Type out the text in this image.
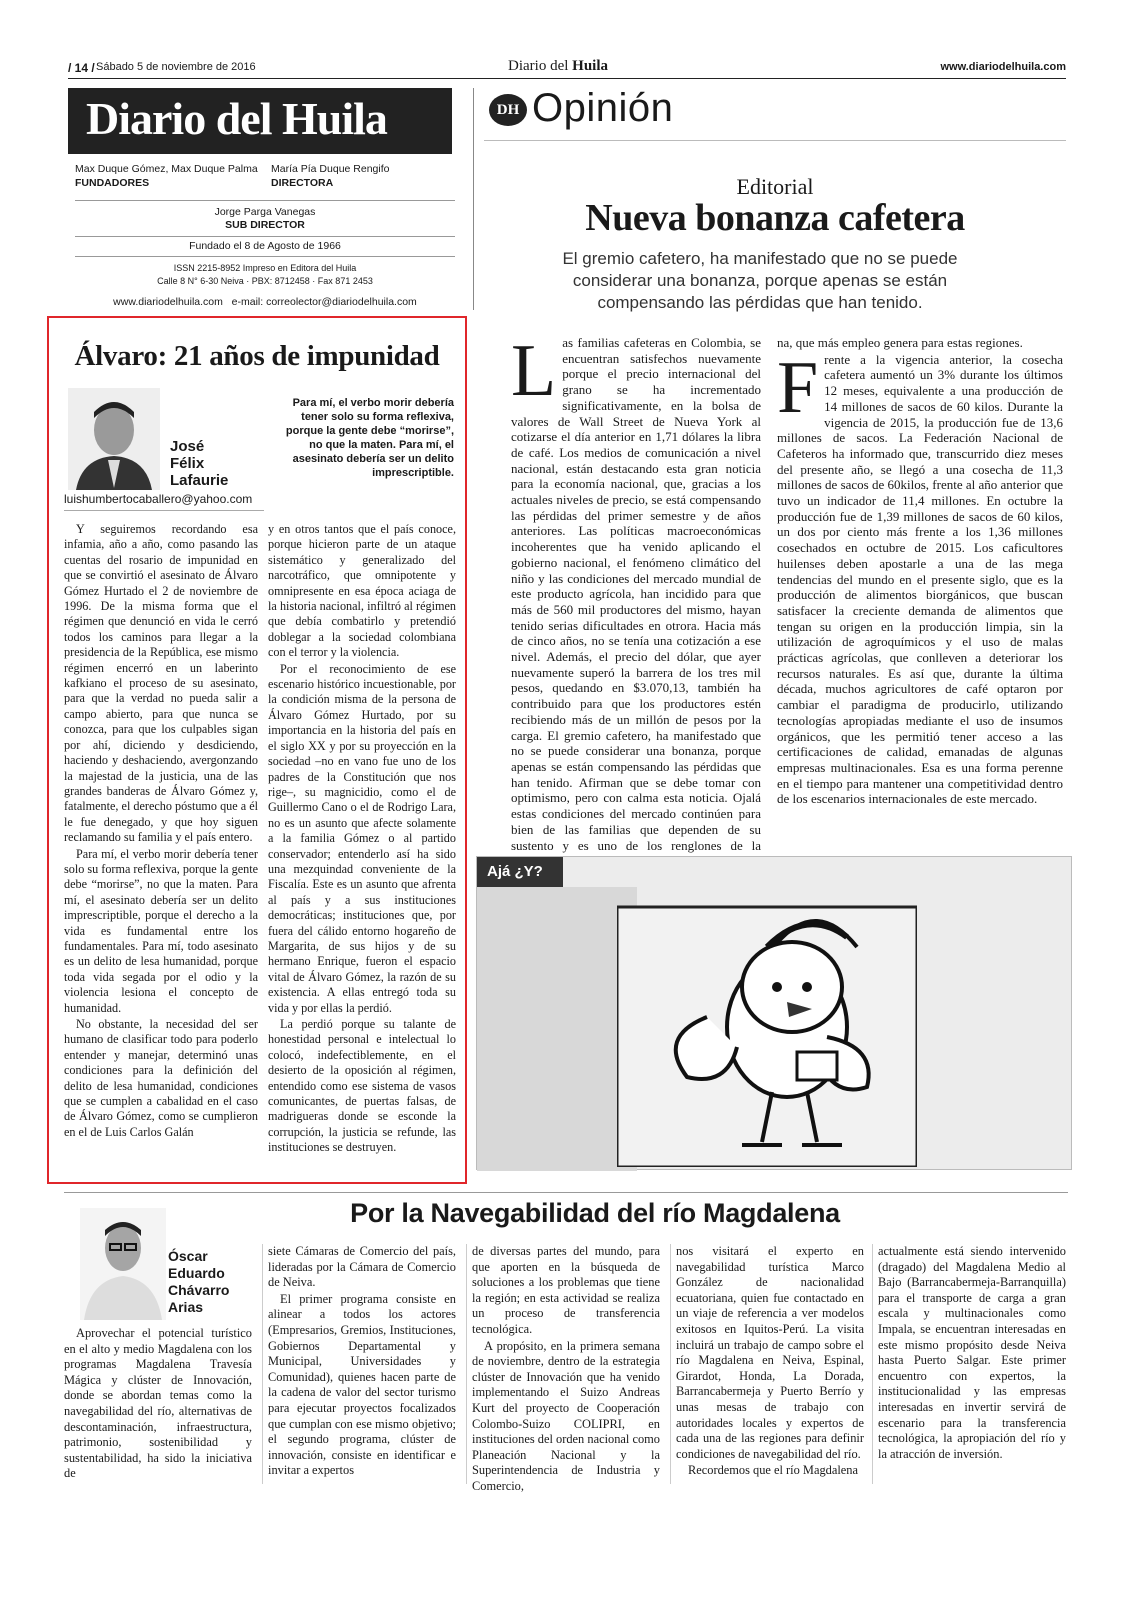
/ 14 / Sábado 5 de noviembre de 2016	Diario del Huila	www.diariodelhuila.com
Diario del Huila
Max Duque Gómez, Max Duque Palma
FUNDADORES
María Pía Duque Rengifo
DIRECTORA
Jorge Parga Vanegas
SUB DIRECTOR
Fundado el 8 de Agosto de 1966
ISSN 2215-8952 Impreso en Editora del Huila
Calle 8 N° 6-30 Neiva · PBX: 8712458 · Fax 871 2453
www.diariodelhuila.com e-mail: correolector@diariodelhuila.com
DH Opinión
Editorial
Nueva bonanza cafetera
El gremio cafetero, ha manifestado que no se puede considerar una bonanza, porque apenas se están compensando las pérdidas que han tenido.

Las familias cafeteras en Colombia, se encuentran satisfechos nuevamente porque el precio internacional del grano se ha incrementado significativamente, en la bolsa de valores de Wall Street de Nueva York al cotizarse el día anterior en 1,71 dólares la libra de café. Los medios de comunicación a nivel nacional, están destacando esta gran noticia para la economía nacional, que, gracias a los actuales niveles de precio, se está compensando las pérdidas del primer semestre y de años anteriores. Las políticas macroeconómicas incoherentes que ha venido aplicando el gobierno nacional, el fenómeno climático del niño y las condiciones del mercado mundial de este producto agrícola, han incidido para que más de 560 mil productores del mismo, hayan tenido serias dificultades en otrora. Hacia más de cinco años, no se tenía una cotización a ese nivel. Además, el precio del dólar, que ayer nuevamente superó la barrera de los tres mil pesos, quedando en $3.070,13, también ha contribuido para que los productores estén recibiendo más de un millón de pesos por la carga. El gremio cafetero, ha manifestado que no se puede considerar una bonanza, porque apenas se están compensando las pérdidas que han tenido. Afirman que se debe tomar con optimismo, pero con calma esta noticia. Ojalá estas condiciones del mercado continúen para bien de las familias que dependen de su sustento y es uno de los renglones de la

na, que más empleo genera para estas regiones.

Frente a la vigencia anterior, la cosecha cafetera aumentó un 3% durante los últimos 12 meses, equivalente a una producción de 14 millones de sacos de 60 kilos. Durante la vigencia de 2015, la producción fue de 13,6 millones de sacos. La Federación Nacional de Cafeteros ha informado que, transcurrido diez meses del presente año, se llegó a una cosecha de 11,3 millones de sacos de 60kilos, frente al año anterior que tuvo un indicador de 11,4 millones. En octubre la producción fue de 1,39 millones de sacos de 60 kilos, un dos por ciento más frente a los 1,36 millones cosechados en octubre de 2015. Los caficultores huilenses deben apostarle a una de las mega tendencias del mundo en el presente siglo, que es la producción de alimentos biorgánicos, que buscan satisfacer la creciente demanda de alimentos que tengan su origen en la producción limpia, sin la utilización de agroquímicos y el uso de malas prácticas agrícolas, que conlleven a deteriorar los recursos naturales. Es así que, durante la última década, muchos agricultores de café optaron por cambiar el paradigma de producirlo, utilizando tecnologías apropiadas mediante el uso de insumos orgánicos, que les permitió tener acceso a las certificaciones de calidad, emanadas de algunas empresas multinacionales. Esa es una forma perenne en el tiempo para mantener una competitividad dentro de los escenarios internacionales de este mercado.

Ajá ¿Y?
Álvaro: 21 años de impunidad
José
Félix
Lafaurie
luishumbertocaballero@yahoo.com
Para mí, el verbo morir debería tener solo su forma reflexiva, porque la gente debe “morirse”, no que la maten. Para mí, el asesinato debería ser un delito imprescriptible.

Y seguiremos recordando esa infamia, año a año, como pasando las cuentas del rosario de impunidad en que se convirtió el asesinato de Álvaro Gómez Hurtado el 2 de noviembre de 1996. De la misma forma que el régimen que denunció en vida le cerró todos los caminos para llegar a la presidencia de la República, ese mismo régimen encerró en un laberinto kafkiano el proceso de su asesinato, para que la verdad no pueda salir a campo abierto, para que nunca se conozca, para que los culpables sigan por ahí, diciendo y desdiciendo, haciendo y deshaciendo, avergonzando la majestad de la justicia, una de las grandes banderas de Álvaro Gómez y, fatalmente, el derecho póstumo que a él le fue denegado, y que hoy siguen reclamando su familia y el país entero.

Para mí, el verbo morir debería tener solo su forma reflexiva, porque la gente debe “morirse”, no que la maten. Para mí, el asesinato debería ser un delito imprescriptible, porque el derecho a la vida es fundamental entre los fundamentales. Para mí, todo asesinato es un delito de lesa humanidad, porque toda vida segada por el odio y la violencia lesiona el concepto de humanidad.

No obstante, la necesidad del ser humano de clasificar todo para poderlo entender y manejar, determinó unas condiciones para la definición del delito de lesa humanidad, condiciones que se cumplen a cabalidad en el caso de Álvaro Gómez, como se cumplieron en el de Luis Carlos Galán

y en otros tantos que el país conoce, porque hicieron parte de un ataque sistemático y generalizado del narcotráfico, que omnipotente y omnipresente en esa época aciaga de la historia nacional, infiltró al régimen que debía combatirlo y pretendió doblegar a la sociedad colombiana con el terror y la violencia.

Por el reconocimiento de ese escenario histórico incuestionable, por la condición misma de la persona de Álvaro Gómez Hurtado, por su importancia en la historia del país en el siglo XX y por su proyección en la sociedad –no en vano fue uno de los padres de la Constitución que nos rige–, su magnicidio, como el de Guillermo Cano o el de Rodrigo Lara, no es un asunto que afecte solamente a la familia Gómez o al partido conservador; entenderlo así ha sido una mezquindad conveniente de la Fiscalía. Este es un asunto que afrenta al país y a sus instituciones democráticas; instituciones que, por fuera del cálido entorno hogareño de Margarita, de sus hijos y de su hermano Enrique, fueron el espacio vital de Álvaro Gómez, la razón de su existencia. A ellas entregó toda su vida y por ellas la perdió.

La perdió porque su talante de honestidad personal e intelectual lo colocó, indefectiblemente, en el desierto de la oposición al régimen, entendido como ese sistema de vasos comunicantes, de puertas falsas, de madrigueras donde se esconde la corrupción, la justicia se refunde, las instituciones se destruyen.

Por la Navegabilidad del río Magdalena
Óscar
Eduardo
Chávarro
Arias

Aprovechar el potencial turístico en el alto y medio Magdalena con los programas Magdalena Travesía Mágica y clúster de Innovación, donde se abordan temas como la navegabilidad del río, alternativas de descontaminación, infraestructura, patrimonio, sostenibilidad y sustentabilidad, ha sido la iniciativa de

siete Cámaras de Comercio del país, lideradas por la Cámara de Comercio de Neiva.

El primer programa consiste en alinear a todos los actores (Empresarios, Gremios, Instituciones, Gobiernos Departamental y Municipal, Universidades y Comunidad), quienes hacen parte de la cadena de valor del sector turismo para ejecutar proyectos focalizados que cumplan con ese mismo objetivo; el segundo programa, clúster de innovación, consiste en identificar e invitar a expertos

de diversas partes del mundo, para que aporten en la búsqueda de soluciones a los problemas que tiene la región; en esta actividad se realiza un proceso de transferencia tecnológica.

A propósito, en la primera semana de noviembre, dentro de la estrategia clúster de Innovación que ha venido implementando el Suizo Andreas Kurt del proyecto de Cooperación Colombo-Suizo COLIPRI, en instituciones del orden nacional como Planeación Nacional y la Superintendencia de Industria y Comercio,

nos visitará el experto en navegabilidad turística Marco González de nacionalidad ecuatoriana, quien fue contactado en un viaje de referencia a ver modelos exitosos en Iquitos-Perú. La visita incluirá un trabajo de campo sobre el río Magdalena en Neiva, Espinal, Girardot, Honda, La Dorada, Barrancabermeja y Puerto Berrío y unas mesas de trabajo con autoridades locales y expertos de cada una de las regiones para definir condiciones de navegabilidad del río.

Recordemos que el río Magdalena

actualmente está siendo intervenido (dragado) del Magdalena Medio al Bajo (Barrancabermeja-Barranquilla) para el transporte de carga a gran escala y multinacionales como Impala, se encuentran interesadas en este mismo propósito desde Neiva hasta Puerto Salgar. Este primer encuentro con expertos, la institucionalidad y las empresas interesadas en invertir servirá de escenario para la transferencia tecnológica, la apropiación del río y la atracción de inversión.
